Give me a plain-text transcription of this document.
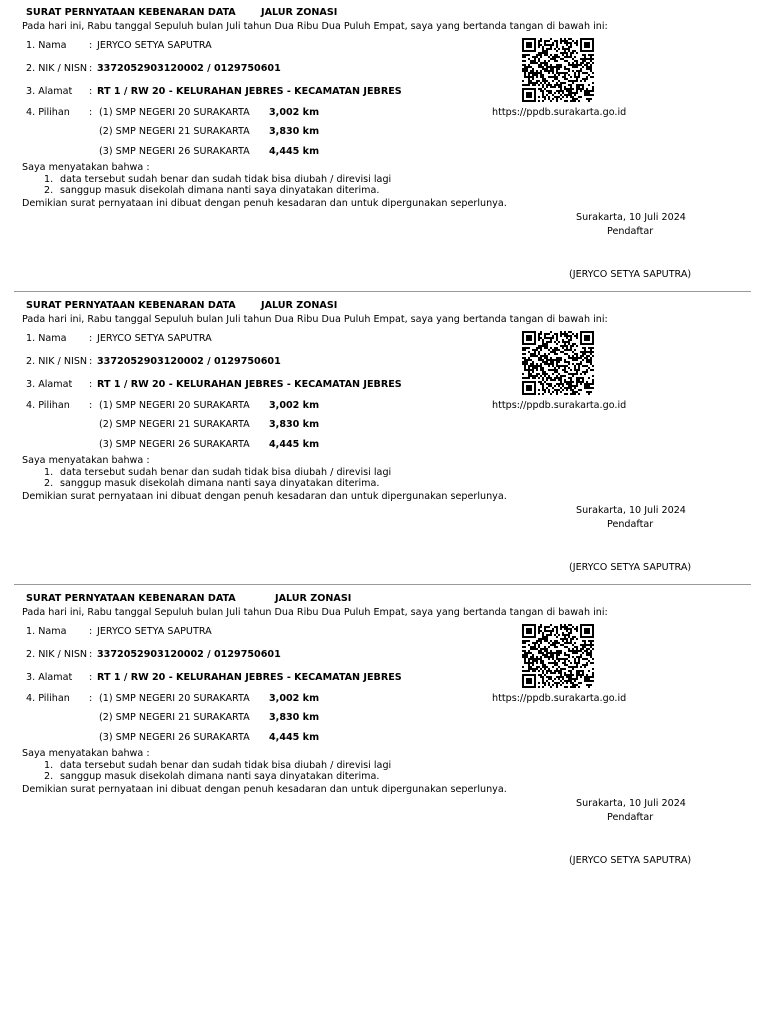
SURAT PERNYATAAN KEBENARAN DATA	JALUR ZONASI
Pada hari ini, Rabu tanggal Sepuluh bulan Juli tahun Dua Ribu Dua Puluh Empat, saya yang bertanda tangan di bawah ini:
1. Nama : JERYCO SETYA SAPUTRA
2. NIK / NISN : 3372052903120002 / 0129750601
3. Alamat : RT 1 / RW 20 - KELURAHAN JEBRES - KECAMATAN JEBRES
4. Pilihan : (1) SMP NEGERI 20 SURAKARTA 3,002 km
(2) SMP NEGERI 21 SURAKARTA 3,830 km
(3) SMP NEGERI 26 SURAKARTA 4,445 km
https://ppdb.surakarta.go.id
Saya menyatakan bahwa :
1. data tersebut sudah benar dan sudah tidak bisa diubah / direvisi lagi
2. sanggup masuk disekolah dimana nanti saya dinyatakan diterima.
Demikian surat pernyataan ini dibuat dengan penuh kesadaran dan untuk dipergunakan seperlunya.
Surakarta, 10 Juli 2024
Pendaftar
(JERYCO SETYA SAPUTRA)
SURAT PERNYATAAN KEBENARAN DATA	JALUR ZONASI
Pada hari ini, Rabu tanggal Sepuluh bulan Juli tahun Dua Ribu Dua Puluh Empat, saya yang bertanda tangan di bawah ini:
1. Nama : JERYCO SETYA SAPUTRA
2. NIK / NISN : 3372052903120002 / 0129750601
3. Alamat : RT 1 / RW 20 - KELURAHAN JEBRES - KECAMATAN JEBRES
4. Pilihan : (1) SMP NEGERI 20 SURAKARTA 3,002 km
(2) SMP NEGERI 21 SURAKARTA 3,830 km
(3) SMP NEGERI 26 SURAKARTA 4,445 km
https://ppdb.surakarta.go.id
Saya menyatakan bahwa :
1. data tersebut sudah benar dan sudah tidak bisa diubah / direvisi lagi
2. sanggup masuk disekolah dimana nanti saya dinyatakan diterima.
Demikian surat pernyataan ini dibuat dengan penuh kesadaran dan untuk dipergunakan seperlunya.
Surakarta, 10 Juli 2024
Pendaftar
(JERYCO SETYA SAPUTRA)
SURAT PERNYATAAN KEBENARAN DATA	JALUR ZONASI
Pada hari ini, Rabu tanggal Sepuluh bulan Juli tahun Dua Ribu Dua Puluh Empat, saya yang bertanda tangan di bawah ini:
1. Nama : JERYCO SETYA SAPUTRA
2. NIK / NISN : 3372052903120002 / 0129750601
3. Alamat : RT 1 / RW 20 - KELURAHAN JEBRES - KECAMATAN JEBRES
4. Pilihan : (1) SMP NEGERI 20 SURAKARTA 3,002 km
(2) SMP NEGERI 21 SURAKARTA 3,830 km
(3) SMP NEGERI 26 SURAKARTA 4,445 km
https://ppdb.surakarta.go.id
Saya menyatakan bahwa :
1. data tersebut sudah benar dan sudah tidak bisa diubah / direvisi lagi
2. sanggup masuk disekolah dimana nanti saya dinyatakan diterima.
Demikian surat pernyataan ini dibuat dengan penuh kesadaran dan untuk dipergunakan seperlunya.
Surakarta, 10 Juli 2024
Pendaftar
(JERYCO SETYA SAPUTRA)
